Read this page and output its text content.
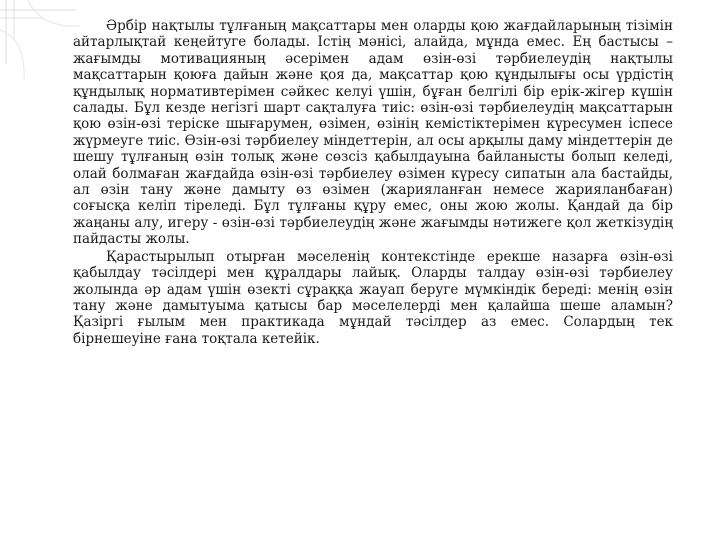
Әрбір нақтылы тұлғаның мақсаттары мен оларды қою жағдайларының тізімін айтарлықтай кеңейтуге болады. Істің мәнісі, алайда, мұнда емес. Ең бастысы – жағымды мотивацияның әсерімен адам өзін-өзі тәрбиелеудің нақтылы мақсаттарын қоюға дайын және қоя да, мақсаттар қою құндылығы осы үрдістің құндылық нормативтерімен сәйкес келуі үшін, бұған белгілі бір ерік-жігер күшін салады. Бұл кезде негізгі шарт сақталуға тиіс: өзін-өзі тәрбиелеудің мақсаттарын қою өзін-өзі теріске шығарумен, өзімен, өзінің кемістіктерімен күресумен іспесе жүрмеуге тиіс. Өзін-өзі тәрбиелеу міндеттерін, ал осы арқылы даму міндеттерін де шешу тұлғаның өзін толық және сөзсіз қабылдауына байланысты болып келеді, олай болмаған жағдайда өзін-өзі тәрбиелеу өзімен күресу сипатын ала бастайды, ал өзін тану және дамыту өз өзімен (жарияланған немесе жарияланбаған) соғысқа келіп тіреледі. Бұл тұлғаны құру емес, оны жою жолы. Қандай да бір жаңаны алу, игеру - өзін-өзі тәрбиелеудің және жағымды нәтижеге қол жеткізудің пайдасты жолы.

Қарастырылып отырған мәселенің контекстінде ерекше назарға өзін-өзі қабылдау тәсілдері мен құралдары лайық. Оларды талдау өзін-өзі тәрбиелеу жолында әр адам үшін өзекті сұраққа жауап беруге мүмкіндік береді: менің өзін тану және дамытуыма қатысы бар мәселелерді мен қалайша шеше аламын? Қазіргі ғылым мен практикада мұндай тәсілдер аз емес. Солардың тек бірнешеуіне ғана тоқтала кетейік.
